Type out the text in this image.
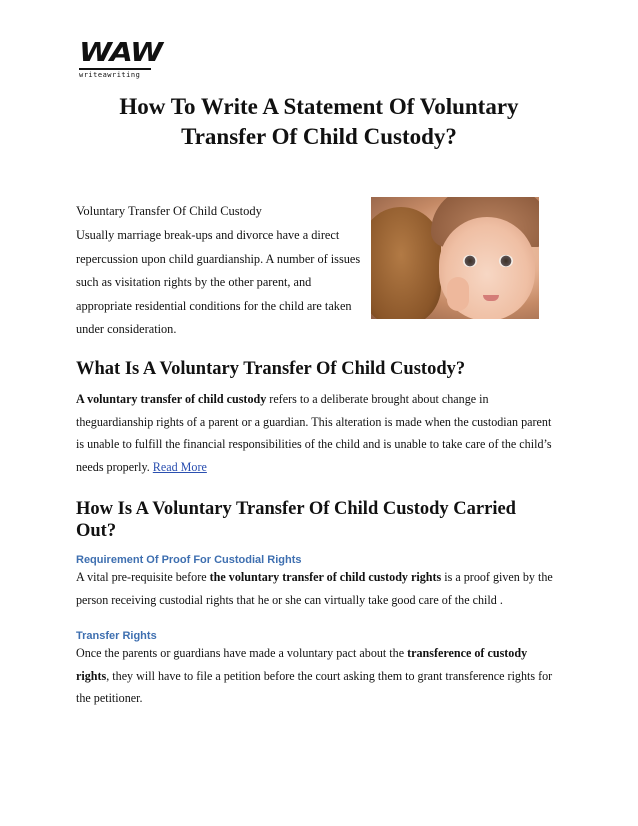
WAW
writeawriting
How To Write A Statement Of Voluntary Transfer Of Child Custody?

Voluntary Transfer Of Child Custody

Usually marriage break-ups and divorce have a direct repercussion upon child guardianship. A number of issues such as visitation rights by the other parent, and appropriate residential conditions for the child are taken under consideration.

What Is A Voluntary Transfer Of Child Custody?

A voluntary transfer of child custody refers to a deliberate brought about change in theguardianship rights of a parent or a guardian. This alteration is made when the custodian parent is unable to fulfill the financial responsibilities of the child and is unable to take care of the child’s needs properly. Read More

How Is A Voluntary Transfer Of Child Custody Carried Out?

Requirement Of Proof For Custodial Rights

A vital pre-requisite before the voluntary transfer of child custody rights is a proof given by the person receiving custodial rights that he or she can virtually take good care of the child .

Transfer Rights

Once the parents or guardians have made a voluntary pact about the transference of custody rights, they will have to file a petition before the court asking them to grant transference rights for the petitioner.
